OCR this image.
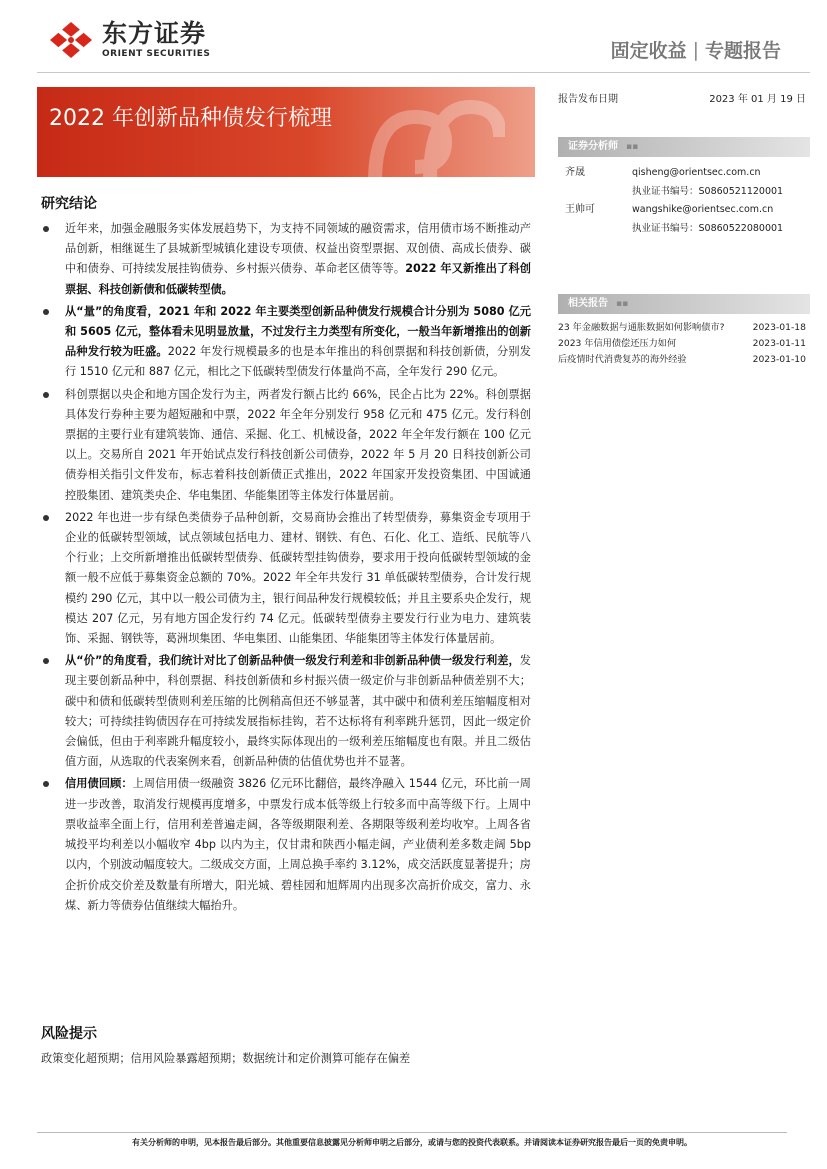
东方证券
ORIENT SECURITIES	固定收益 | 专题报告
2022 年创新品种债发行梳理
报告发布日期	2023 年 01 月 19 日
证券分析师 ▪▪
齐晟	qisheng@orientsec.com.cn
执业证书编号：S0860521120001
王帅可	wangshike@orientsec.com.cn
执业证书编号：S0860522080001
相关报告 ▪▪
23 年金融数据与通胀数据如何影响债市?	2023-01-18
2023 年信用债偿还压力如何	2023-01-11
后疫情时代消费复苏的海外经验	2023-01-10
研究结论
近年来，加强金融服务实体发展趋势下，为支持不同领域的融资需求，信用债市场不断推动产品创新，相继诞生了县城新型城镇化建设专项债、权益出资型票据、双创债、高成长债券、碳中和债券、可持续发展挂钩债券、乡村振兴债券、革命老区债等等。2022 年又新推出了科创票据、科技创新债和低碳转型债。
从“量”的角度看，2021 年和 2022 年主要类型创新品种债发行规模合计分别为 5080 亿元和 5605 亿元，整体看未见明显放量，不过发行主力类型有所变化，一般当年新增推出的创新品种发行较为旺盛。2022 年发行规模最多的也是本年推出的科创票据和科技创新债，分别发行 1510 亿元和 887 亿元，相比之下低碳转型债发行体量尚不高，全年发行 290 亿元。
科创票据以央企和地方国企发行为主，两者发行额占比约 66%，民企占比为 22%。科创票据具体发行券种主要为超短融和中票，2022 年全年分别发行 958 亿元和 475 亿元。发行科创票据的主要行业有建筑装饰、通信、采掘、化工、机械设备，2022 年全年发行额在 100 亿元以上。交易所自 2021 年开始试点发行科技创新公司债券，2022 年 5 月 20 日科技创新公司债券相关指引文件发布，标志着科技创新债正式推出，2022 年国家开发投资集团、中国诚通控股集团、建筑类央企、华电集团、华能集团等主体发行体量居前。
2022 年也进一步有绿色类债券子品种创新，交易商协会推出了转型债券，募集资金专项用于企业的低碳转型领域，试点领域包括电力、建材、钢铁、有色、石化、化工、造纸、民航等八个行业；上交所新增推出低碳转型债券、低碳转型挂钩债券，要求用于投向低碳转型领域的金额一般不应低于募集资金总额的 70%。2022 年全年共发行 31 单低碳转型债券，合计发行规模约 290 亿元，其中以一般公司债为主，银行间品种发行规模较低；并且主要系央企发行，规模达 207 亿元，另有地方国企发行约 74 亿元。低碳转型债券主要发行行业为电力、建筑装饰、采掘、钢铁等，葛洲坝集团、华电集团、山能集团、华能集团等主体发行体量居前。
从“价”的角度看，我们统计对比了创新品种债一级发行利差和非创新品种债一级发行利差，发现主要创新品种中，科创票据、科技创新债和乡村振兴债一级定价与非创新品种债差别不大；碳中和债和低碳转型债则利差压缩的比例稍高但还不够显著，其中碳中和债利差压缩幅度相对较大；可持续挂钩债因存在可持续发展指标挂钩，若不达标将有利率跳升惩罚，因此一级定价会偏低，但由于利率跳升幅度较小，最终实际体现出的一级利差压缩幅度也有限。并且二级估值方面，从选取的代表案例来看，创新品种债的估值优势也并不显著。
信用债回顾：上周信用债一级融资 3826 亿元环比翻倍，最终净融入 1544 亿元，环比前一周进一步改善，取消发行规模再度增多，中票发行成本低等级上行较多而中高等级下行。上周中票收益率全面上行，信用利差普遍走阔，各等级期限利差、各期限等级利差均收窄。上周各省城投平均利差以小幅收窄 4bp 以内为主，仅甘肃和陕西小幅走阔，产业债利差多数走阔 5bp 以内，个别波动幅度较大。二级成交方面，上周总换手率约 3.12%，成交活跃度显著提升；房企折价成交价差及数量有所增大，阳光城、碧桂园和旭辉周内出现多次高折价成交，富力、永煤、新力等债券估值继续大幅抬升。
风险提示
政策变化超预期；信用风险暴露超预期；数据统计和定价测算可能存在偏差
有关分析师的申明，见本报告最后部分。其他重要信息披露见分析师申明之后部分，或请与您的投资代表联系。并请阅读本证券研究报告最后一页的免责申明。
